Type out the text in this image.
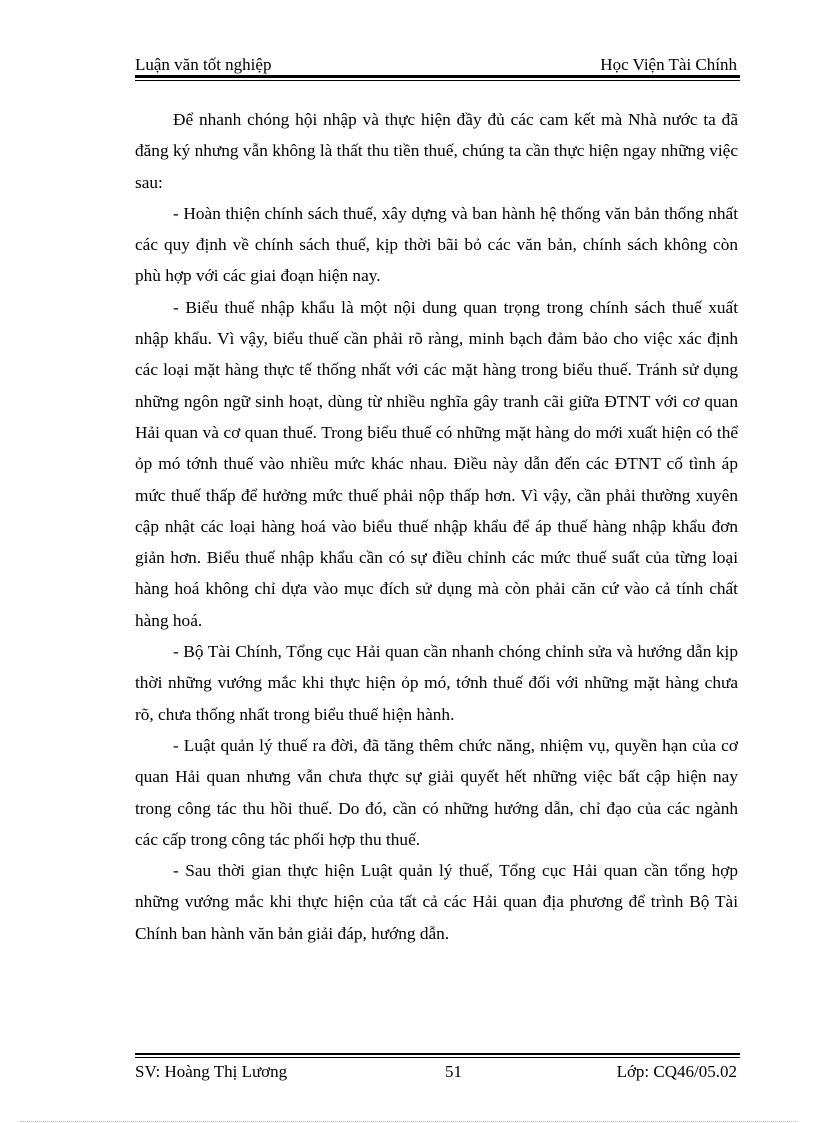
Luận văn tốt nghiệp	Học Viện Tài Chính

Để nhanh chóng hội nhập và thực hiện đầy đủ các cam kết mà Nhà nước ta đã đăng ký nhưng vẫn không là thất thu tiền thuế, chúng ta cần thực hiện ngay những việc sau:

- Hoàn thiện chính sách thuế, xây dựng và ban hành hệ thống văn bản thống nhất các quy định về chính sách thuế, kịp thời bãi bỏ các văn bản, chính sách không còn phù hợp với các giai đoạn hiện nay.

- Biểu thuế nhập khẩu là một nội dung quan trọng trong chính sách thuế xuất nhập khẩu. Vì vậy, biểu thuế cần phải rõ ràng, minh bạch đảm bảo cho việc xác định các loại mặt hàng thực tế thống nhất với các mặt hàng trong biểu thuế. Tránh sử dụng những ngôn ngữ sinh hoạt, dùng từ nhiều nghĩa gây tranh cãi giữa ĐTNT với cơ quan Hải quan và cơ quan thuế. Trong biểu thuế có những mặt hàng do mới xuất hiện có thể ỏp mó tớnh thuế vào nhiều mức khác nhau. Điều này dẫn đến các ĐTNT cố tình áp mức thuế thấp để hưởng mức thuế phải nộp thấp hơn. Vì vậy, cần phải thường xuyên cập nhật các loại hàng hoá vào biểu thuế nhập khẩu để áp thuế hàng nhập khẩu đơn giản hơn. Biểu thuế nhập khẩu cần có sự điều chỉnh các mức thuế suất của từng loại hàng hoá không chỉ dựa vào mục đích sử dụng mà còn phải căn cứ vào cả tính chất hàng hoá.

- Bộ Tài Chính, Tổng cục Hải quan cần nhanh chóng chỉnh sửa và hướng dẫn kịp thời những vướng mắc khi thực hiện ỏp mó, tớnh thuế đối với những mặt hàng chưa rõ, chưa thống nhất trong biểu thuế hiện hành.

- Luật quản lý thuế ra đời, đã tăng thêm chức năng, nhiệm vụ, quyền hạn của cơ quan Hải quan nhưng vẫn chưa thực sự giải quyết hết những việc bất cập hiện nay trong công tác thu hồi thuế. Do đó, cần có những hướng dẫn, chỉ đạo của các ngành các cấp trong công tác phối hợp thu thuế.

- Sau thời gian thực hiện Luật quản lý thuế, Tổng cục Hải quan cần tổng hợp những vướng mắc khi thực hiện của tất cả các Hải quan địa phương để trình Bộ Tài Chính ban hành văn bản giải đáp, hướng dẫn.

SV: Hoàng Thị Lương	51	Lớp: CQ46/05.02
